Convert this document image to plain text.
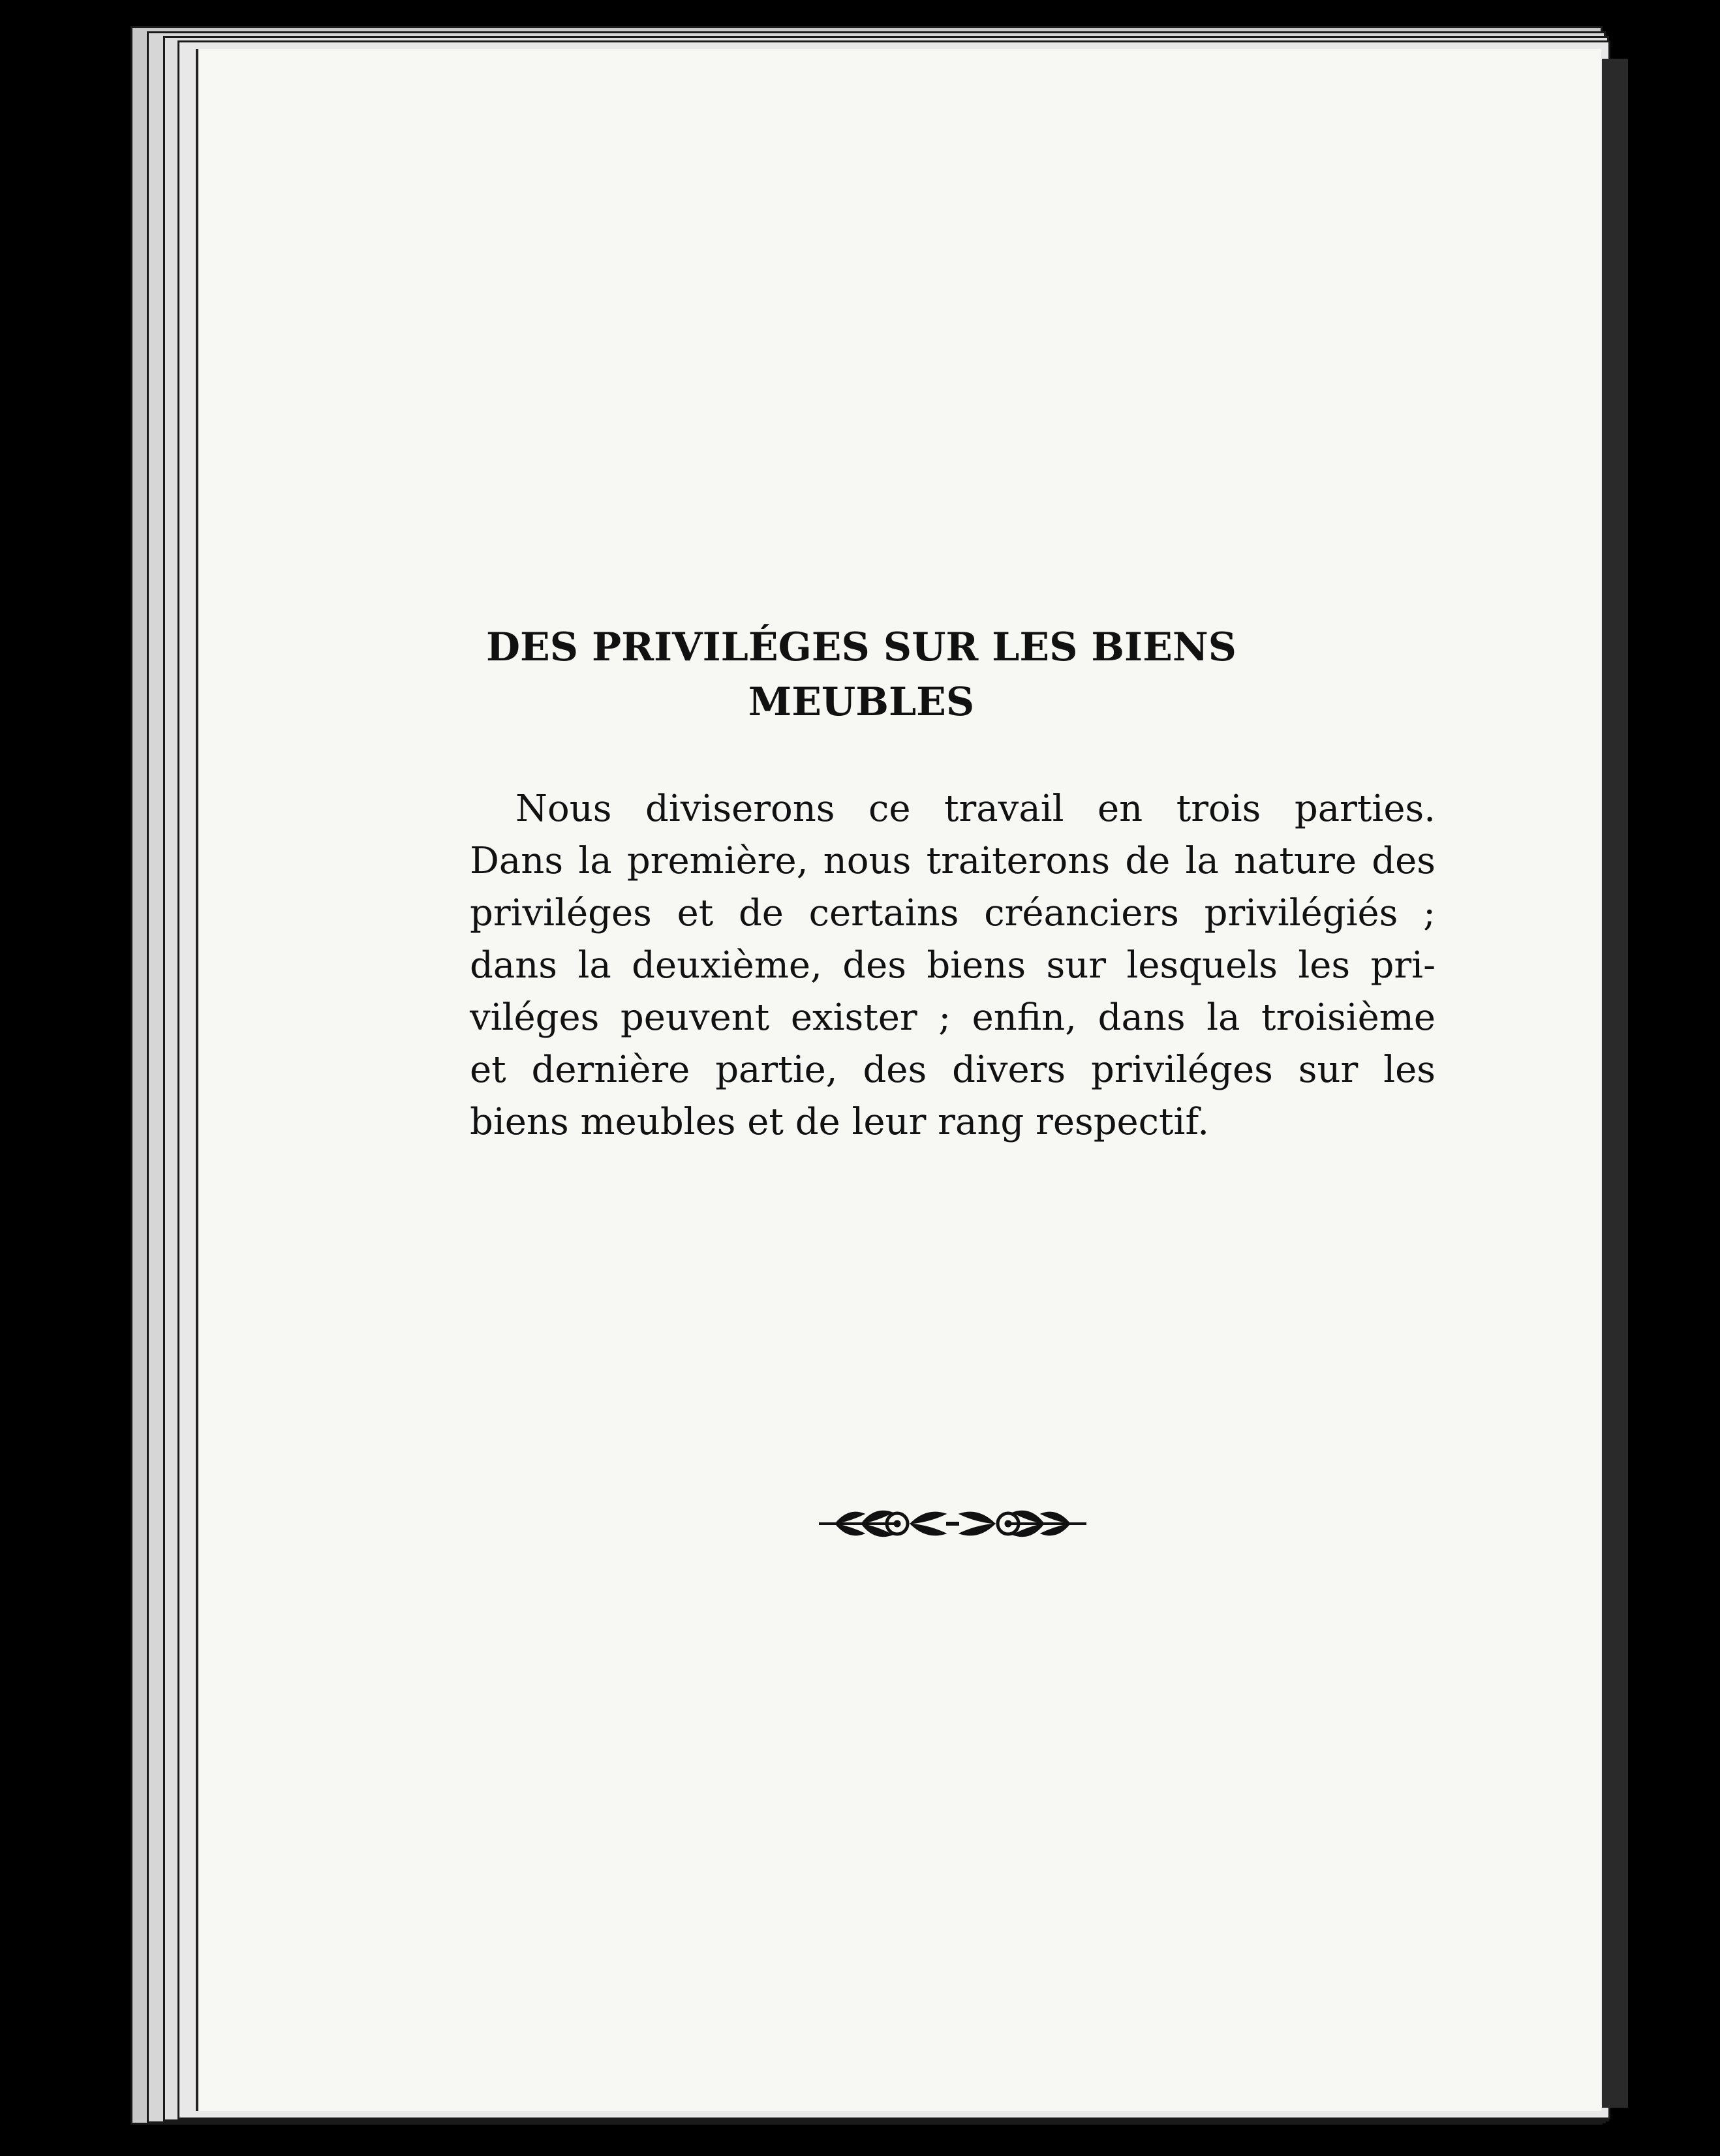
DES PRIVILÉGES SUR LES BIENS
MEUBLES

Nous diviserons ce travail en trois parties.
Dans la première, nous traiterons de la nature des
priviléges et de certains créanciers privilégiés ;
dans la deuxième, des biens sur lesquels les pri-
viléges peuvent exister ; enfin, dans la troisième
et dernière partie, des divers priviléges sur les
biens meubles et de leur rang respectif.
